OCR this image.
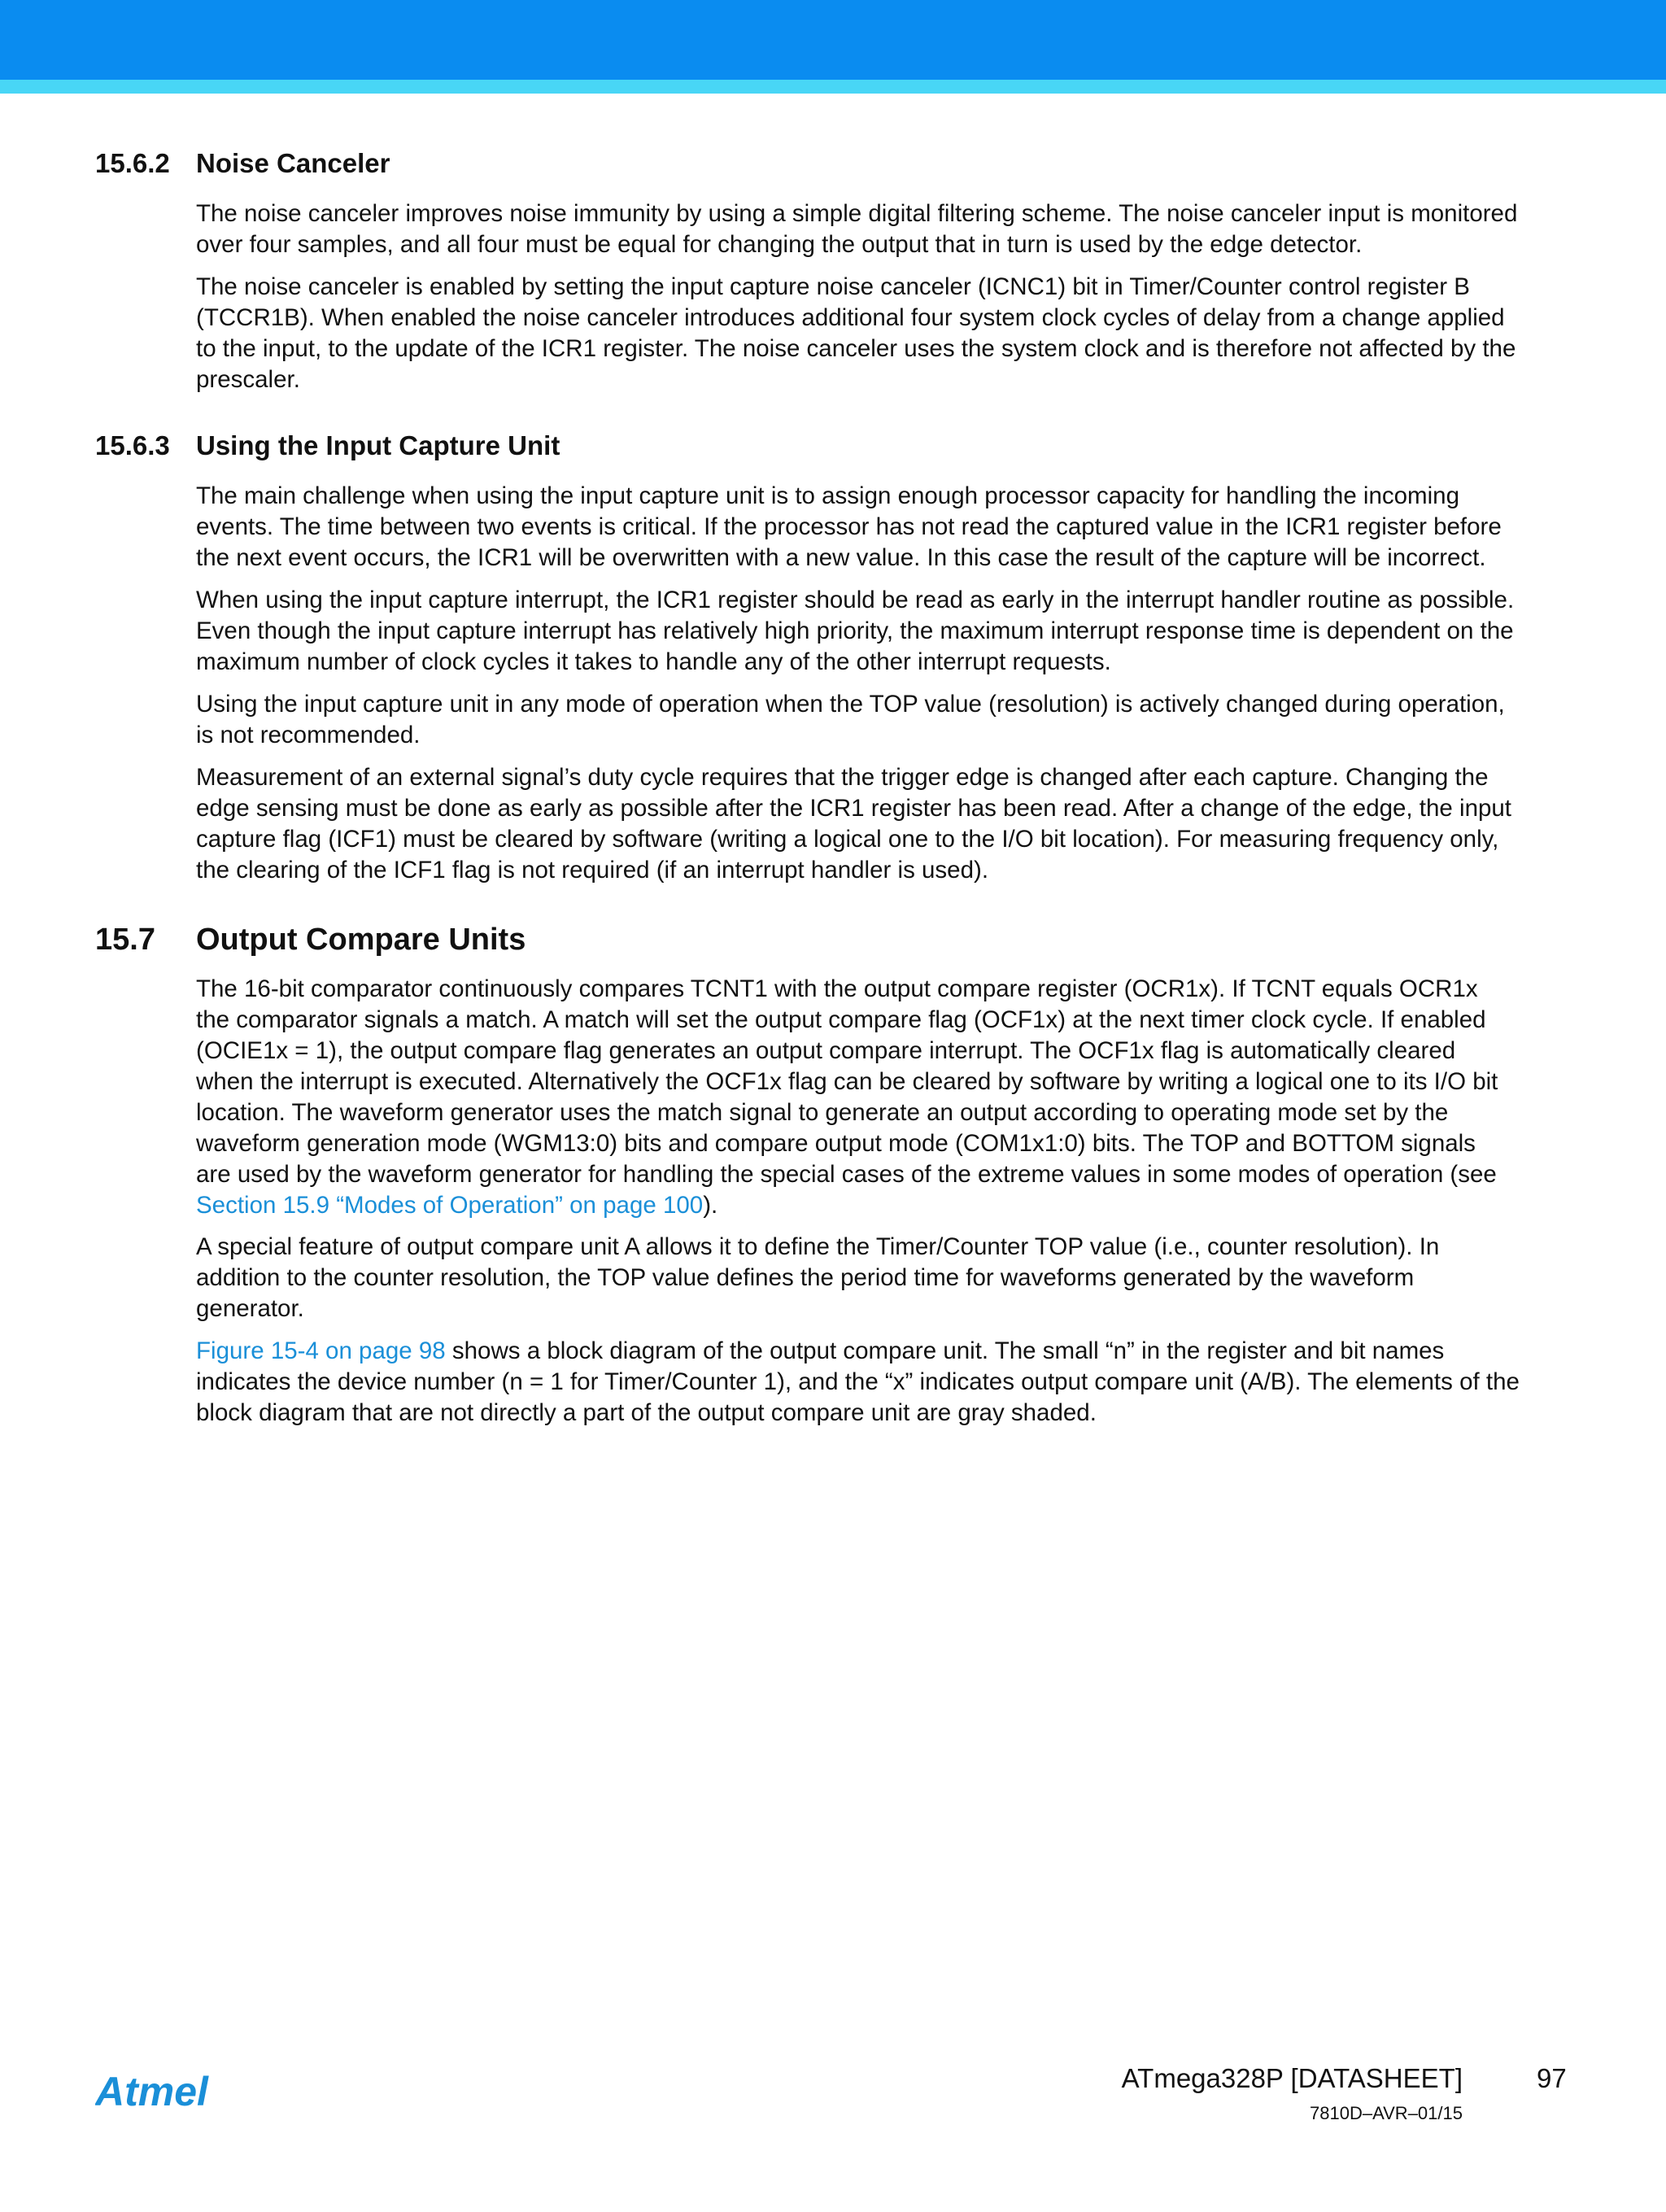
15.6.2 Noise Canceler
The noise canceler improves noise immunity by using a simple digital filtering scheme. The noise canceler input is monitored
over four samples, and all four must be equal for changing the output that in turn is used by the edge detector.
The noise canceler is enabled by setting the input capture noise canceler (ICNC1) bit in Timer/Counter control register B
(TCCR1B). When enabled the noise canceler introduces additional four system clock cycles of delay from a change applied
to the input, to the update of the ICR1 register. The noise canceler uses the system clock and is therefore not affected by the
prescaler.
15.6.3 Using the Input Capture Unit
The main challenge when using the input capture unit is to assign enough processor capacity for handling the incoming
events. The time between two events is critical. If the processor has not read the captured value in the ICR1 register before
the next event occurs, the ICR1 will be overwritten with a new value. In this case the result of the capture will be incorrect.
When using the input capture interrupt, the ICR1 register should be read as early in the interrupt handler routine as possible.
Even though the input capture interrupt has relatively high priority, the maximum interrupt response time is dependent on the
maximum number of clock cycles it takes to handle any of the other interrupt requests.
Using the input capture unit in any mode of operation when the TOP value (resolution) is actively changed during operation,
is not recommended.
Measurement of an external signal’s duty cycle requires that the trigger edge is changed after each capture. Changing the
edge sensing must be done as early as possible after the ICR1 register has been read. After a change of the edge, the input
capture flag (ICF1) must be cleared by software (writing a logical one to the I/O bit location). For measuring frequency only,
the clearing of the ICF1 flag is not required (if an interrupt handler is used).
15.7 Output Compare Units
The 16-bit comparator continuously compares TCNT1 with the output compare register (OCR1x). If TCNT equals OCR1x
the comparator signals a match. A match will set the output compare flag (OCF1x) at the next timer clock cycle. If enabled
(OCIE1x = 1), the output compare flag generates an output compare interrupt. The OCF1x flag is automatically cleared
when the interrupt is executed. Alternatively the OCF1x flag can be cleared by software by writing a logical one to its I/O bit
location. The waveform generator uses the match signal to generate an output according to operating mode set by the
waveform generation mode (WGM13:0) bits and compare output mode (COM1x1:0) bits. The TOP and BOTTOM signals
are used by the waveform generator for handling the special cases of the extreme values in some modes of operation (see
Section 15.9 “Modes of Operation” on page 100).
A special feature of output compare unit A allows it to define the Timer/Counter TOP value (i.e., counter resolution). In
addition to the counter resolution, the TOP value defines the period time for waveforms generated by the waveform
generator.
Figure 15-4 on page 98 shows a block diagram of the output compare unit. The small “n” in the register and bit names
indicates the device number (n = 1 for Timer/Counter 1), and the “x” indicates output compare unit (A/B). The elements of the
block diagram that are not directly a part of the output compare unit are gray shaded.
Atmel	ATmega328P [DATASHEET]	97
7810D–AVR–01/15
